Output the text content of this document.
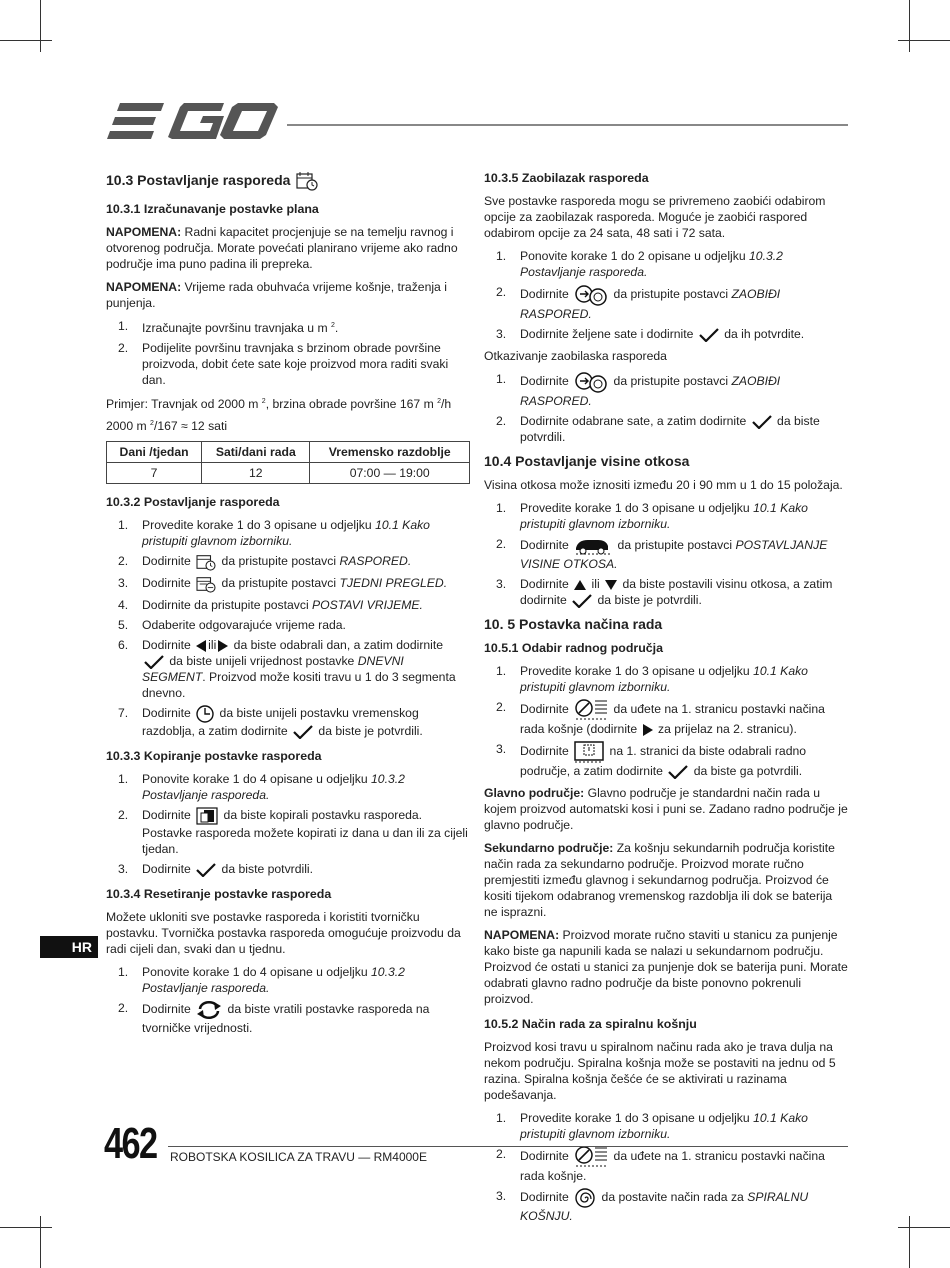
10.3 Postavljanje rasporeda
10.3.1 Izračunavanje postavke plana

NAPOMENA: Radni kapacitet procjenjuje se na temelju ravnog i otvorenog područja. Morate povećati planirano vrijeme ako radno područje ima puno padina ili prepreka.

NAPOMENA: Vrijeme rada obuhvaća vrijeme košnje, traženja i punjenja.

1. Izračunajte površinu travnjaka u m $^2$.
2. Podijelite površinu travnjaka s brzinom obrade površine proizvoda, dobit ćete sate koje proizvod mora raditi svaki dan.

Primjer: Travnjak od 2000 m $^2$, brzina obrade površine 167 m $^2$/h

2000 m $^2$/167 ≈ 12 sati

Dani /tjedan	Sati/dani rada	Vremensko razdoblje
7	12	07:00 — 19:00
10.3.2 Postavljanje rasporeda
1. Provedite korake 1 do 3 opisane u odjeljku 10.1 Kako pristupiti glavnom izborniku.
2. Dodirnite  da pristupite postavci RASPORED.
3. Dodirnite  da pristupite postavci TJEDNI PREGLED.
4. Dodirnite da pristupite postavci POSTAVI VRIJEME.
5. Odaberite odgovarajuće vrijeme rada.
6. Dodirnite ili da biste odabrali dan, a zatim dodirnite  da biste unijeli vrijednost postavke DNEVNI SEGMENT. Proizvod može kositi travu u 1 do 3 segmenta dnevno.
7. Dodirnite  da biste unijeli postavku vremenskog razdoblja, a zatim dodirnite  da biste je potvrdili.
10.3.3 Kopiranje postavke rasporeda
1. Ponovite korake 1 do 4 opisane u odjeljku 10.3.2 Postavljanje rasporeda.
2. Dodirnite  da biste kopirali postavku rasporeda. Postavke rasporeda možete kopirati iz dana u dan ili za cijeli tjedan.
3. Dodirnite  da biste potvrdili.
10.3.4 Resetiranje postavke rasporeda

Možete ukloniti sve postavke rasporeda i koristiti tvorničku postavku. Tvornička postavka rasporeda omogućuje proizvodu da radi cijeli dan, svaki dan u tjednu.

1. Ponovite korake 1 do 4 opisane u odjeljku 10.3.2 Postavljanje rasporeda.
2. Dodirnite  da biste vratili postavke rasporeda na tvorničke vrijednosti.
10.3.5 Zaobilazak rasporeda

Sve postavke rasporeda mogu se privremeno zaobići odabirom opcije za zaobilazak rasporeda. Moguće je zaobići raspored odabirom opcije za 24 sata, 48 sati i 72 sata.

1. Ponovite korake 1 do 2 opisane u odjeljku 10.3.2 Postavljanje rasporeda.
2. Dodirnite	da pristupite postavci ZAOBIĐI RASPORED.
3. Dodirnite željene sate i dodirnite  da ih potvrdite.

Otkazivanje zaobilaska rasporeda

1. Dodirnite	da pristupite postavci ZAOBIĐI RASPORED.
2. Dodirnite odabrane sate, a zatim dodirnite  da biste potvrdili.
10.4 Postavljanje visine otkosa

Visina otkosa može iznositi između 20 i 90 mm u 1 do 15 položaja.

1. Provedite korake 1 do 3 opisane u odjeljku 10.1 Kako pristupiti glavnom izborniku.
2. Dodirnite	da pristupite postavci POSTAVLJANJE VISINE OTKOSA.
3. Dodirnite  ili  da biste postavili visinu otkosa, a zatim dodirnite  da biste je potvrdili.
10. 5 Postavka načina rada
10.5.1 Odabir radnog područja
1. Provedite korake 1 do 3 opisane u odjeljku 10.1 Kako pristupiti glavnom izborniku.
2. Dodirnite	da uđete na 1. stranicu postavki načina rada košnje (dodirnite  za prijelaz na 2. stranicu).
3. Dodirnite	na 1. stranici da biste odabrali radno područje, a zatim dodirnite  da biste ga potvrdili.

Glavno područje: Glavno područje je standardni način rada u kojem proizvod automatski kosi i puni se. Zadano radno područje je glavno područje.

Sekundarno područje: Za košnju sekundarnih područja koristite način rada za sekundarno područje. Proizvod morate ručno premjestiti između glavnog i sekundarnog područja. Proizvod će kositi tijekom odabranog vremenskog razdoblja ili dok se baterija ne isprazni.

NAPOMENA: Proizvod morate ručno staviti u stanicu za punjenje kako biste ga napunili kada se nalazi u sekundarnom području. Proizvod će ostati u stanici za punjenje dok se baterija puni. Morate odabrati glavno radno područje da biste ponovno pokrenuli proizvod.

10.5.2 Način rada za spiralnu košnju

Proizvod kosi travu u spiralnom načinu rada ako je trava dulja na nekom području. Spiralna košnja može se postaviti na jednu od 5 razina. Spiralna košnja češće će se aktivirati u razinama podešavanja.

1. Provedite korake 1 do 3 opisane u odjeljku 10.1 Kako pristupiti glavnom izborniku.
2. Dodirnite	da uđete na 1. stranicu postavki načina rada košnje.
3. Dodirnite  da postavite način rada za SPIRALNU KOŠNJU.
HR
462 ROBOTSKA KOSILICA ZA TRAVU — RM4000E
